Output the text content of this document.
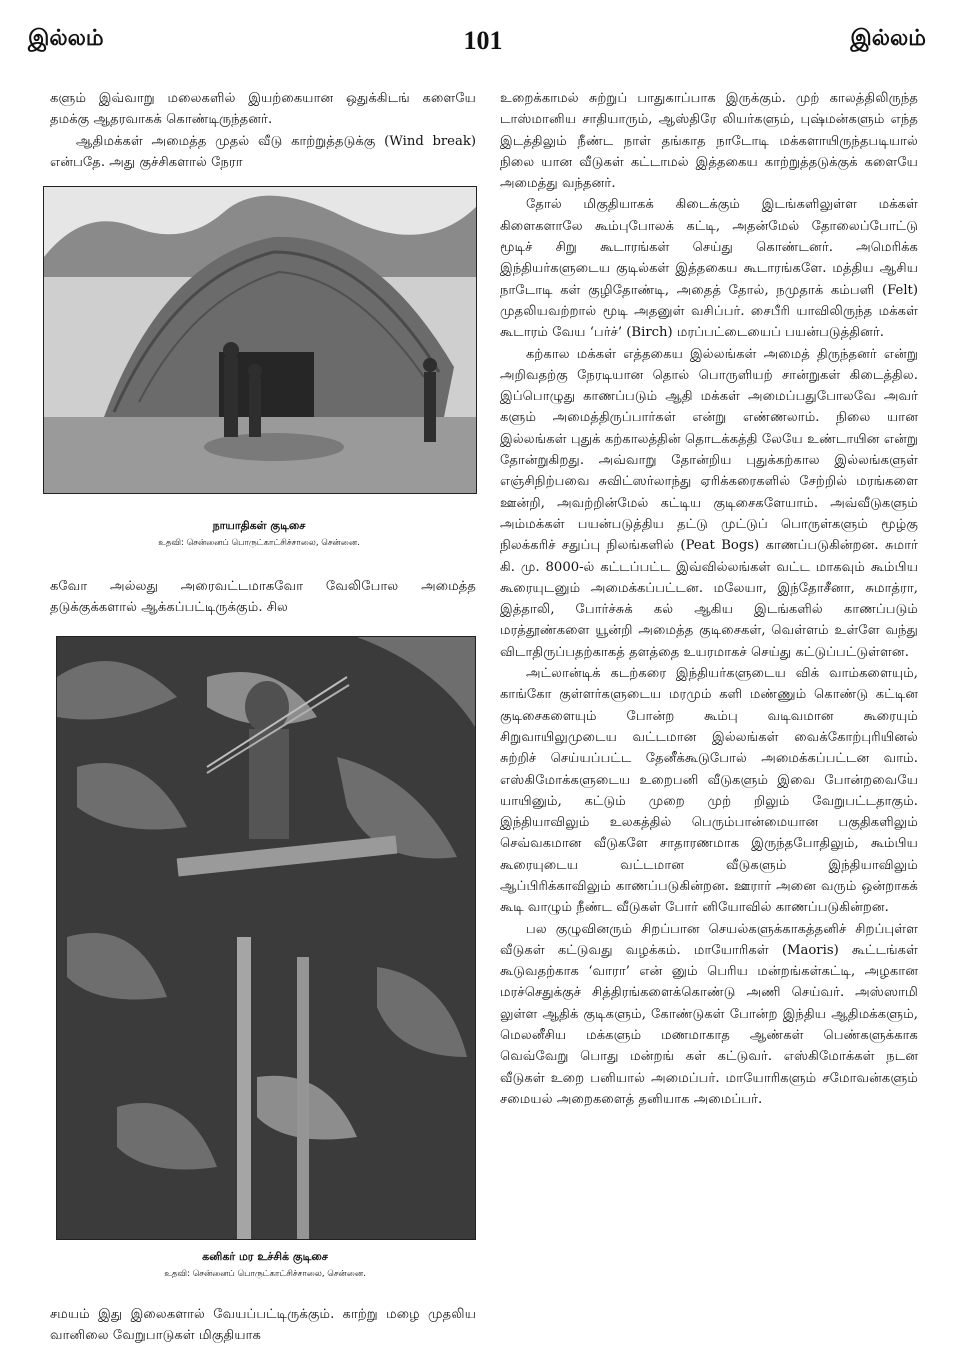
இல்லம்	101	இல்லம்

களும் இவ்வாறு மலைகளில் இயற்கையான ஒதுக்கிடங் களையே தமக்கு ஆதரவாகக் கொண்டிருந்தனர்.

ஆதிமக்கள் அமைத்த முதல் வீடு காற்றுத்தடுக்கு (Wind break) என்பதே. அது குச்சிகளால் நேரா

நாயாதிகள் குடிசை
உதவி: சென்னைப் பொருட்காட்சிச்சாலை, சென்னை.

கவோ அல்லது அரைவட்டமாகவோ வேலிபோல அமைத்த தடுக்குக்களால் ஆக்கப்பட்டிருக்கும். சில

கனிகர் மர உச்சிக் குடிசை
உதவி: சென்னைப் பொருட்காட்சிச்சாலை, சென்னை.

சமயம் இது இலைகளால் வேயப்பட்டிருக்கும். காற்று மழை முதலிய வானிலை வேறுபாடுகள் மிகுதியாக

உறைக்காமல் சுற்றுப் பாதுகாப்பாக இருக்கும். முற் காலத்திலிருந்த டாஸ்மானிய சாதியாரும், ஆஸ்திரே லியர்களும், புஷ்மன்களும் எந்த இடத்திலும் நீண்ட நாள் தங்காத நாடோடி மக்களாயிருந்தபடியால் நிலை யான வீடுகள் கட்டாமல் இத்தகைய காற்றுத்தடுக்குக் களையே அமைத்து வந்தனர்.

தோல் மிகுதியாகக் கிடைக்கும் இடங்களிலுள்ள மக்கள் கிளைகளாலே கூம்புபோலக் கட்டி, அதன்மேல் தோலைப்போட்டு மூடிச் சிறு கூடாரங்கள் செய்து கொண்டனர். அமெரிக்க இந்தியர்களுடைய குடில்கள் இத்தகைய கூடாரங்களே. மத்திய ஆசிய நாடோடி கள் குழிதோண்டி, அதைத் தோல், நமுதாக் கம்பளி (Felt) முதலியவற்றால் மூடி அதனுள் வசிப்பர். சைபீரி யாவிலிருந்த மக்கள் கூடாரம் வேய ‘பர்ச்’ (Birch) மரப்பட்டையைப் பயன்படுத்தினர்.

கற்கால மக்கள் எத்தகைய இல்லங்கள் அமைத் திருந்தனர் என்று அறிவதற்கு நேரடியான தொல் பொருளியற் சான்றுகள் கிடைத்தில. இப்பொழுது காணப்படும் ஆதி மக்கள் அமைப்பதுபோலவே அவர் களும் அமைத்திருப்பார்கள் என்று எண்ணலாம். நிலை யான இல்லங்கள் புதுக் கற்காலத்தின் தொடக்கத்தி லேயே உண்டாயின என்று தோன்றுகிறது. அவ்வாறு தோன்றிய புதுக்கற்கால இல்லங்களுள் எஞ்சிநிற்பவை சுவிட்ஸர்லாந்து ஏரிக்கரைகளில் சேற்றில் மரங்களை ஊன்றி, அவற்றின்மேல் கட்டிய குடிசைகளேயாம். அவ்வீடுகளும் அம்மக்கள் பயன்படுத்திய தட்டு முட்டுப் பொருள்களும் மூழ்கு நிலக்கரிச் சதுப்பு நிலங்களில் (Peat Bogs) காணப்படுகின்றன. சுமார் கி. மு. 8000-ல் கட்டப்பட்ட இவ்வில்லங்கள் வட்ட மாகவும் கூம்பிய கூரையுடனும் அமைக்கப்பட்டன. மலேயா, இந்தோசீனா, சுமாத்ரா, இத்தாலி, போர்ச்சுக் கல் ஆகிய இடங்களில் காணப்படும் மரத்தூண்களை யூன்றி அமைத்த குடிசைகள், வெள்ளம் உள்ளே வந்து விடாதிருப்பதற்காகத் தளத்தை உயரமாகச் செய்து கட்டுப்பட்டுள்ளன.

அட்லான்டிக் கடற்கரை இந்தியர்களுடைய விக் வாம்களையும், காங்கோ குள்ளர்களுடைய மரமும் களி மண்ணும் கொண்டு கட்டின குடிசைகளையும் போன்ற கூம்பு வடிவமான கூரையும் சிறுவாயிலுமுடைய வட்டமான இல்லங்கள் வைக்கோற்புரியினல் சுற்றிச் செய்யப்பட்ட தேனீக்கூடுபோல் அமைக்கப்பட்டன வாம். எஸ்கிமோக்களுடைய உறைபனி வீடுகளும் இவை போன்றவையே யாயினும், கட்டும் முறை முற் றிலும் வேறுபட்டதாகும். இந்தியாவிலும் உலகத்தில் பெரும்பான்மையான பகுதிகளிலும் செவ்வகமான வீடுகளே சாதாரணமாக இருந்தபோதிலும், கூம்பிய கூரையுடைய வட்டமான வீடுகளும் இந்தியாவிலும் ஆப்பிரிக்காவிலும் காணப்படுகின்றன. ஊரார் அனை வரும் ஒன்றாகக் கூடி வாழும் நீண்ட வீடுகள் போர் னியோவில் காணப்படுகின்றன.

பல குழுவினரும் சிறப்பான செயல்களுக்காகத்தனிச் சிறப்புள்ள வீடுகள் கட்டுவது வழக்கம். மாயோரிகள் (Maoris) கூட்டங்கள் கூடுவதற்காக ‘வாரா’ என் னும் பெரிய மன்றங்கள்கட்டி, அழகான மரச்செதுக்குச் சித்திரங்களைக்கொண்டு அணி செய்வர். அஸ்ஸாமி லுள்ள ஆதிக் குடிகளும், கோண்டுகள் போன்ற இந்திய ஆதிமக்களும், மெலனீசிய மக்களும் மணமாகாத ஆண்கள் பெண்களுக்காக வெவ்வேறு பொது மன்றங் கள் கட்டுவர். எஸ்கிமோக்கள் நடன வீடுகள் உறை பனியால் அமைப்பர். மாயோரிகளும் சமோவன்களும் சமையல் அறைகளைத் தனியாக அமைப்பர்.
